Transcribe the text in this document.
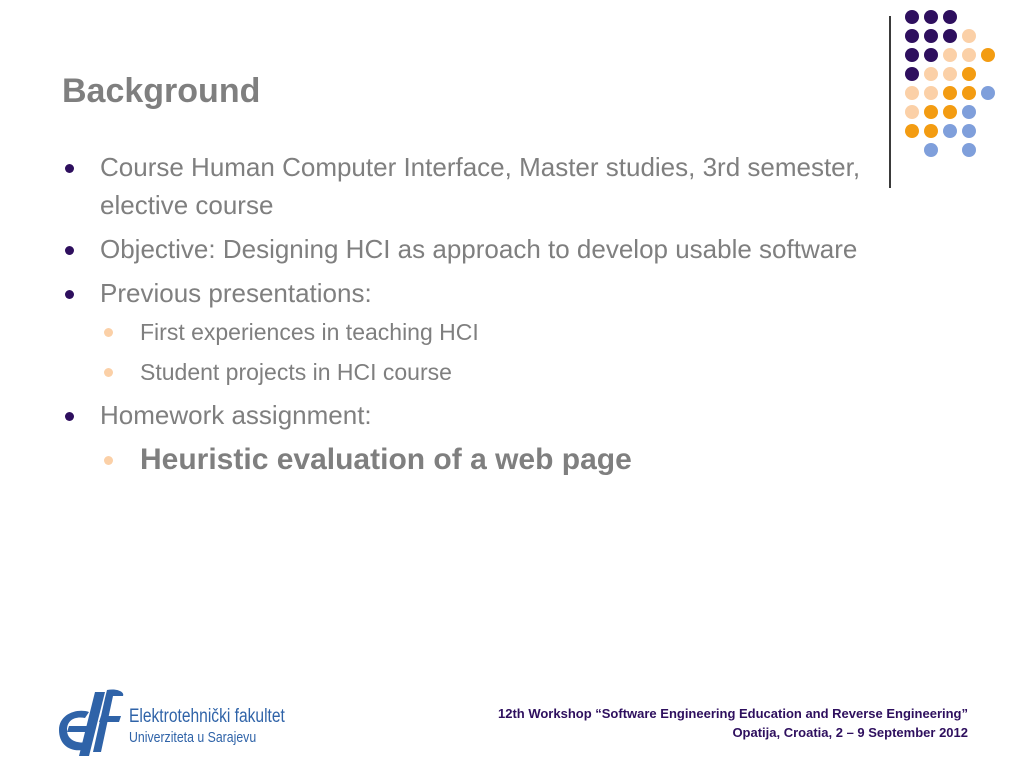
Background
Course Human Computer Interface, Master studies, 3rd semester, elective course
Objective: Designing HCI as approach to develop usable software
Previous presentations:
First experiences in teaching HCI
Student projects in HCI course
Homework assignment:
Heuristic evaluation of a web page
Elektrotehnički fakultet
Univerziteta u Sarajevu
12th Workshop “Software Engineering Education and Reverse Engineering”
Opatija, Croatia, 2 – 9 September 2012
